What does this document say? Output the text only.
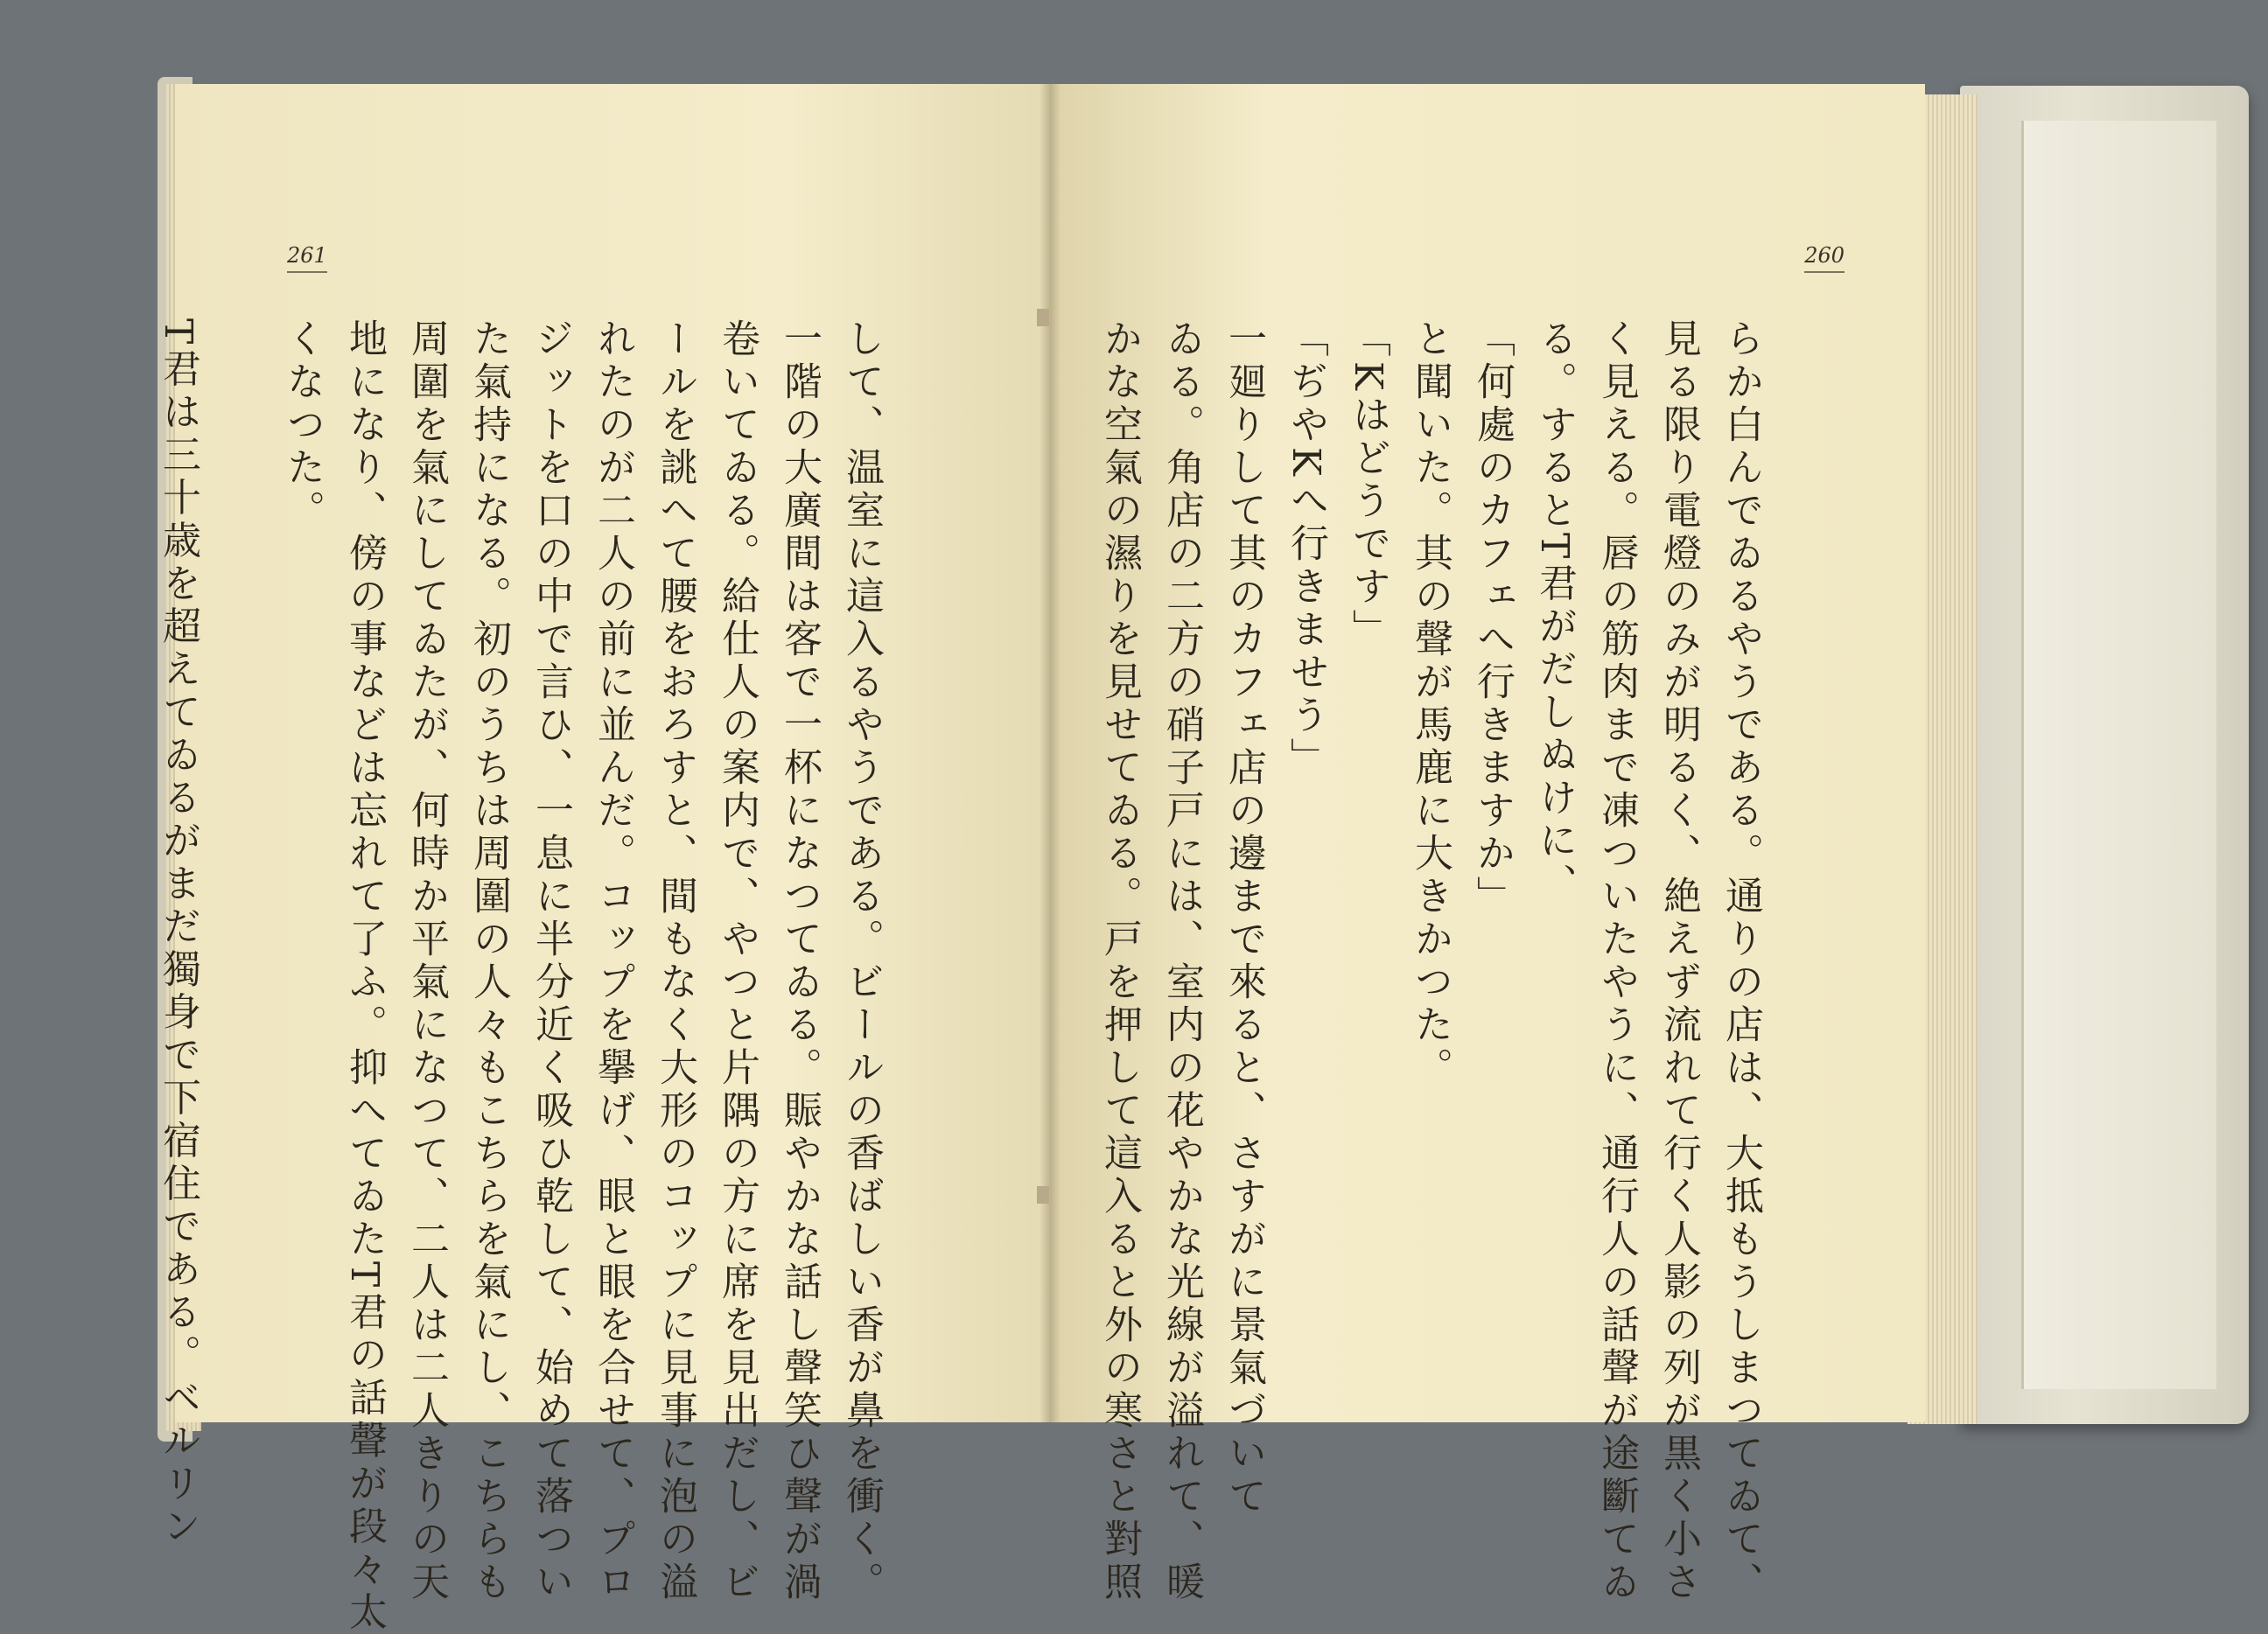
261
して、温室に這入るやうである。ビールの香ばしい香が鼻を衝く。
一階の大廣間は客で一杯になつてゐる。賑やかな話し聲笑ひ聲が渦
卷いてゐる。給仕人の案内で、やつと片隅の方に席を見出だし、ビ
ールを誂へて腰をおろすと、間もなく大形のコップに見事に泡の溢
れたのが二人の前に並んだ。コップを擧げ、眼と眼を合せて、プロ
ジットを口の中で言ひ、一息に半分近く吸ひ乾して、始めて落つい
た氣持になる。初のうちは周圍の人々もこちらを氣にし、こちらも
周圍を氣にしてゐたが、何時か平氣になつて、二人は二人きりの天
地になり、傍の事などは忘れて了ふ。抑へてゐたT君の話聲が段々太
くなつた。
T君は三十歳を超えてゐるがまだ獨身で下宿住である。ベルリン
260
らか白んでゐるやうである。通りの店は、大抵もうしまつてゐて、
見る限り電燈のみが明るく、絶えず流れて行く人影の列が黒く小さ
く見える。唇の筋肉まで凍ついたやうに、通行人の話聲が途斷てゐ
る。するとT君がだしぬけに、
「何處のカフェへ行きますか」
と聞いた。其の聲が馬鹿に大きかつた。
「Kはどうです」
「ぢやKへ行きませう」
一廻りして其のカフェ店の邊まで來ると、さすがに景氣づいて
ゐる。角店の二方の硝子戸には、室内の花やかな光線が溢れて、暖
かな空氣の濕りを見せてゐる。戸を押して這入ると外の寒さと對照
